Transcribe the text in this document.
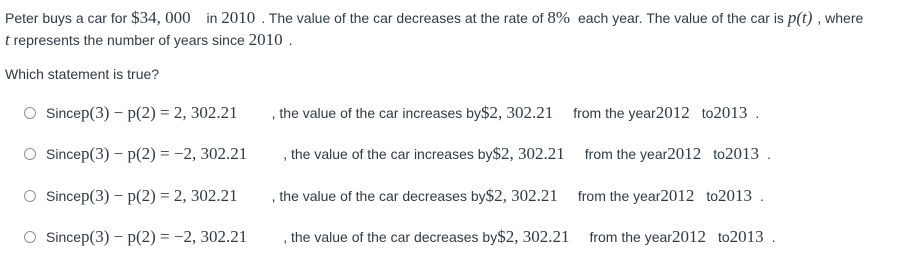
Peter buys a car for $34, 000 in 2010 . The value of the car decreases at the rate of 8% each year. The value of the car is p(t) , where
t represents the number of years since 2010 .
Which statement is true?
Since p(3) − p(2) = 2, 302.21 , the value of the car increases by $2, 302.21 from the year 2012 to 2013 .
Since p(3) − p(2) = −2, 302.21	, the value of the car increases by $2, 302.21 from the year 2012 to 2013 .
Since p(3) − p(2) = 2, 302.21 , the value of the car decreases by $2, 302.21 from the year 2012 to 2013 .
Since p(3) − p(2) = −2, 302.21	, the value of the car decreases by $2, 302.21 from the year 2012 to 2013 .
